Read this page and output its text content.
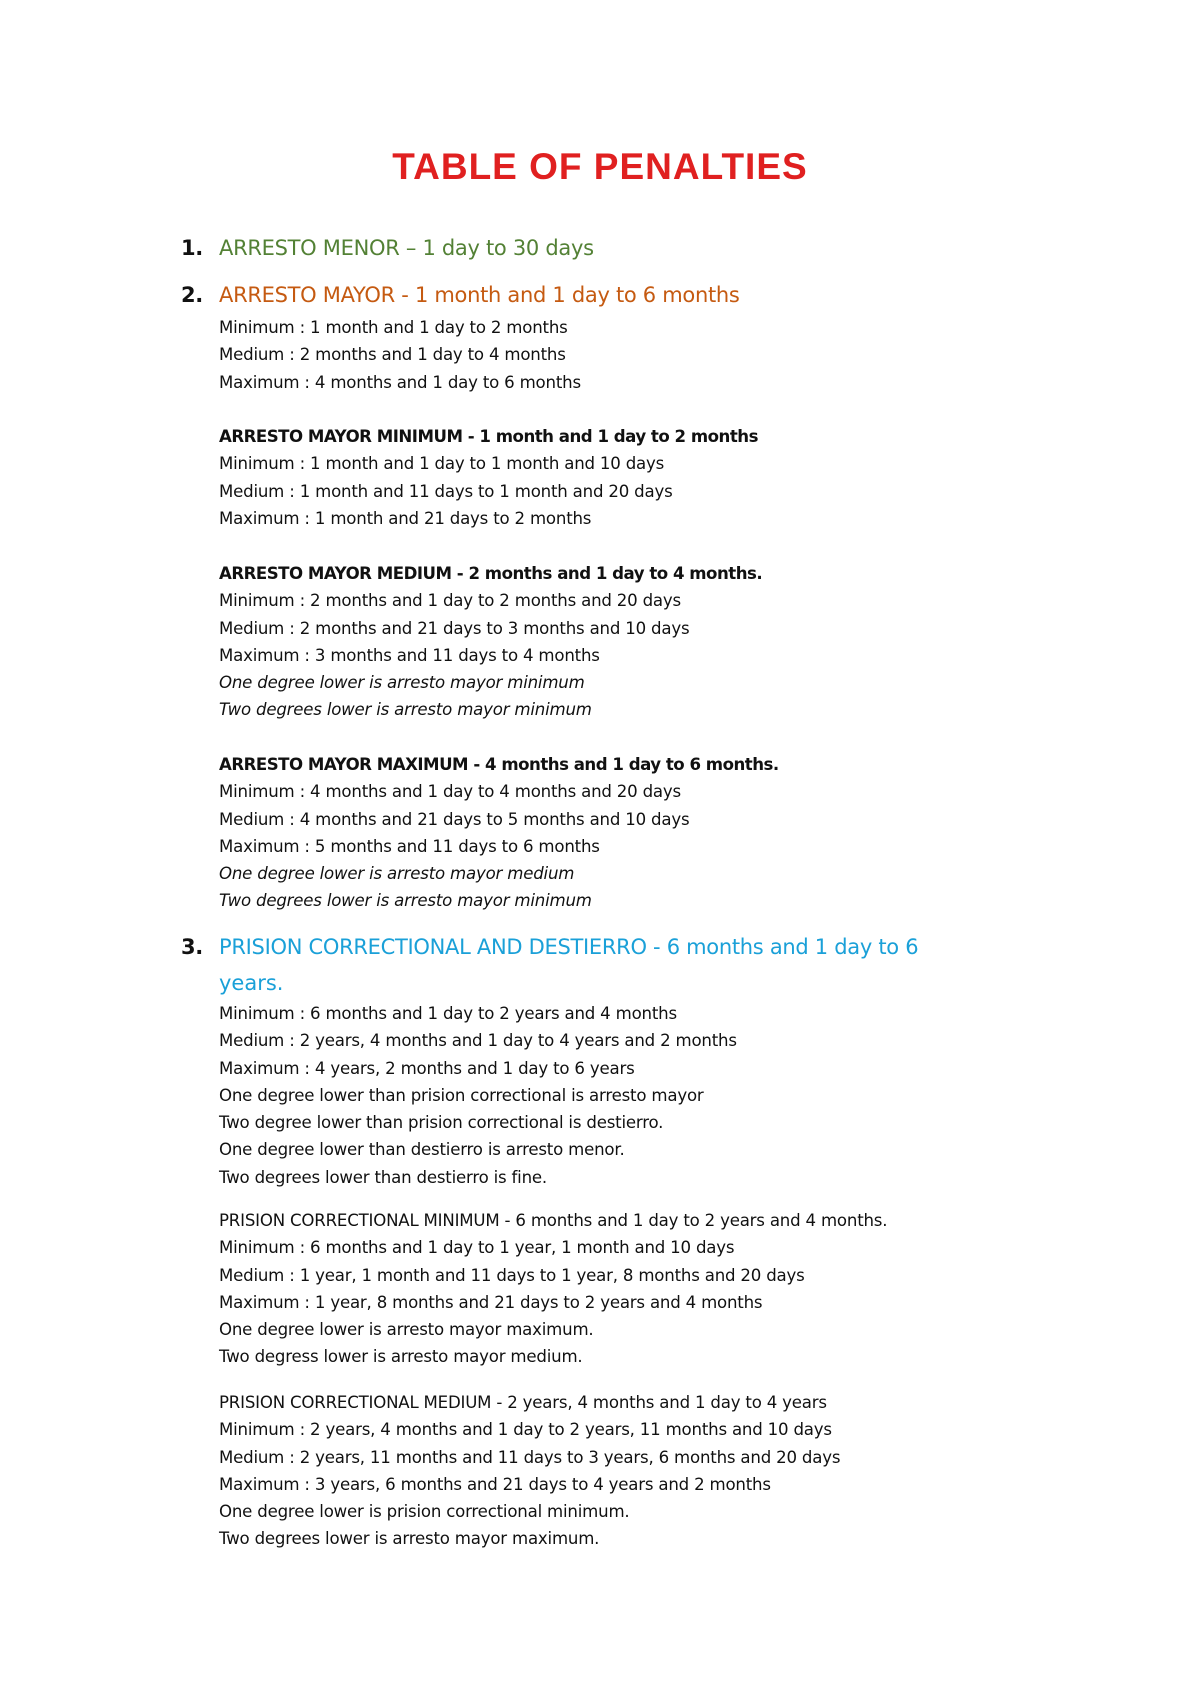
TABLE OF PENALTIES
1. ARRESTO MENOR – 1 day to 30 days
2. ARRESTO MAYOR - 1 month and 1 day to 6 months
Minimum : 1 month and 1 day to 2 months
Medium : 2 months and 1 day to 4 months
Maximum : 4 months and 1 day to 6 months
ARRESTO MAYOR MINIMUM - 1 month and 1 day to 2 months
Minimum : 1 month and 1 day to 1 month and 10 days
Medium : 1 month and 11 days to 1 month and 20 days
Maximum : 1 month and 21 days to 2 months
ARRESTO MAYOR MEDIUM - 2 months and 1 day to 4 months.
Minimum : 2 months and 1 day to 2 months and 20 days
Medium : 2 months and 21 days to 3 months and 10 days
Maximum : 3 months and 11 days to 4 months
One degree lower is arresto mayor minimum
Two degrees lower is arresto mayor minimum
ARRESTO MAYOR MAXIMUM - 4 months and 1 day to 6 months.
Minimum : 4 months and 1 day to 4 months and 20 days
Medium : 4 months and 21 days to 5 months and 10 days
Maximum : 5 months and 11 days to 6 months
One degree lower is arresto mayor medium
Two degrees lower is arresto mayor minimum
3. PRISION CORRECTIONAL AND DESTIERRO - 6 months and 1 day to 6
years.
Minimum : 6 months and 1 day to 2 years and 4 months
Medium : 2 years, 4 months and 1 day to 4 years and 2 months
Maximum : 4 years, 2 months and 1 day to 6 years
One degree lower than prision correctional is arresto mayor
Two degree lower than prision correctional is destierro.
One degree lower than destierro is arresto menor.
Two degrees lower than destierro is fine.
PRISION CORRECTIONAL MINIMUM - 6 months and 1 day to 2 years and 4 months.
Minimum : 6 months and 1 day to 1 year, 1 month and 10 days
Medium : 1 year, 1 month and 11 days to 1 year, 8 months and 20 days
Maximum : 1 year, 8 months and 21 days to 2 years and 4 months
One degree lower is arresto mayor maximum.
Two degress lower is arresto mayor medium.
PRISION CORRECTIONAL MEDIUM - 2 years, 4 months and 1 day to 4 years
Minimum : 2 years, 4 months and 1 day to 2 years, 11 months and 10 days
Medium : 2 years, 11 months and 11 days to 3 years, 6 months and 20 days
Maximum : 3 years, 6 months and 21 days to 4 years and 2 months
One degree lower is prision correctional minimum.
Two degrees lower is arresto mayor maximum.
